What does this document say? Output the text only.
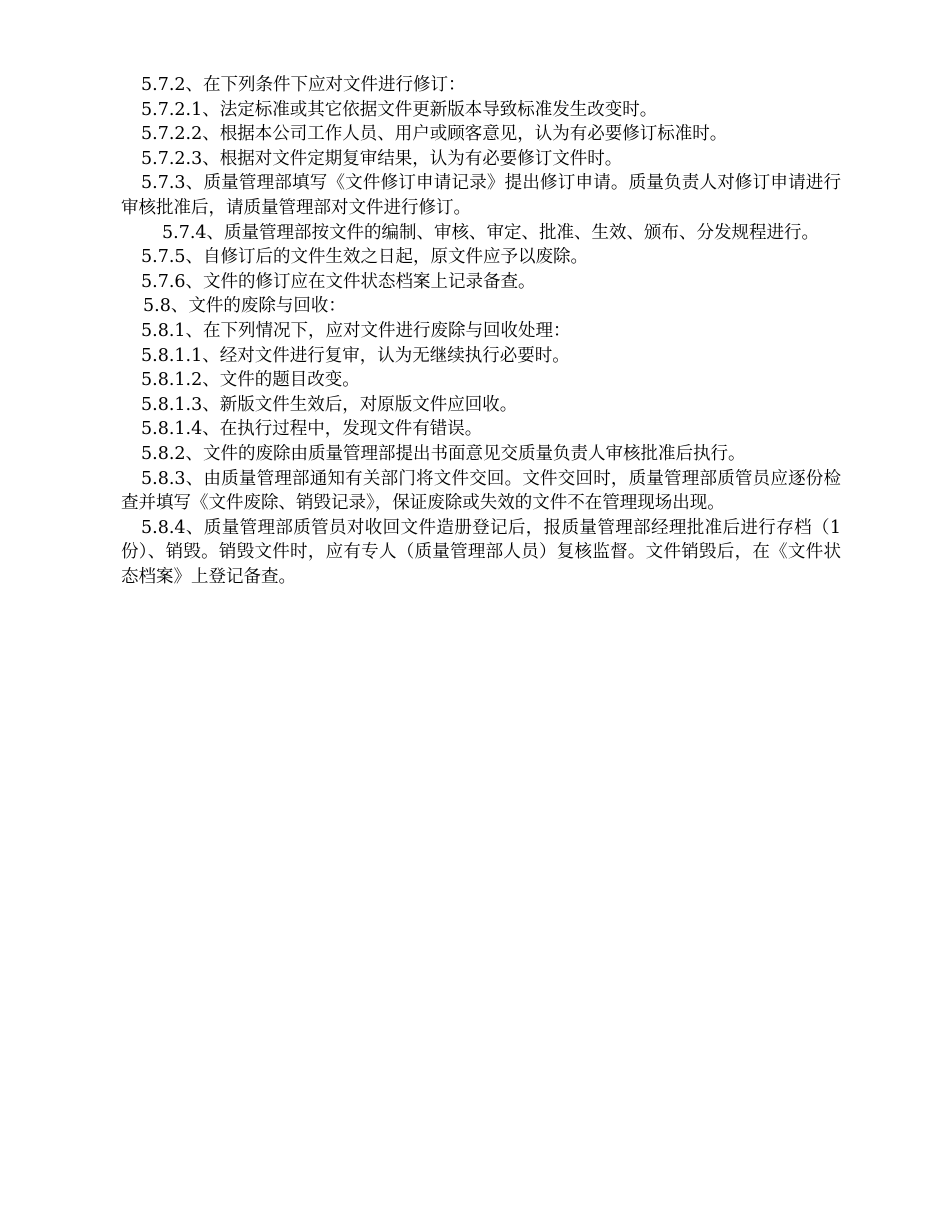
5.7.2、在下列条件下应对文件进行修订：

5.7.2.1、法定标准或其它依据文件更新版本导致标准发生改变时。

5.7.2.2、根据本公司工作人员、用户或顾客意见，认为有必要修订标准时。

5.7.2.3、根据对文件定期复审结果，认为有必要修订文件时。

5.7.3、质量管理部填写《文件修订申请记录》提出修订申请。质量负责人对修订申请进行审核批准后，请质量管理部对文件进行修订。

5.7.4、质量管理部按文件的编制、审核、审定、批准、生效、颁布、分发规程进行。

5.7.5、自修订后的文件生效之日起，原文件应予以废除。

5.7.6、文件的修订应在文件状态档案上记录备查。

5.8、文件的废除与回收：

5.8.1、在下列情况下，应对文件进行废除与回收处理：

5.8.1.1、经对文件进行复审，认为无继续执行必要时。

5.8.1.2、文件的题目改变。

5.8.1.3、新版文件生效后，对原版文件应回收。

5.8.1.4、在执行过程中，发现文件有错误。

5.8.2、文件的废除由质量管理部提出书面意见交质量负责人审核批准后执行。

5.8.3、由质量管理部通知有关部门将文件交回。文件交回时，质量管理部质管员应逐份检查并填写《文件废除、销毁记录》，保证废除或失效的文件不在管理现场出现。

5.8.4、质量管理部质管员对收回文件造册登记后，报质量管理部经理批准后进行存档（1份）、销毁。销毁文件时，应有专人（质量管理部人员）复核监督。文件销毁后，在《文件状态档案》上登记备查。
